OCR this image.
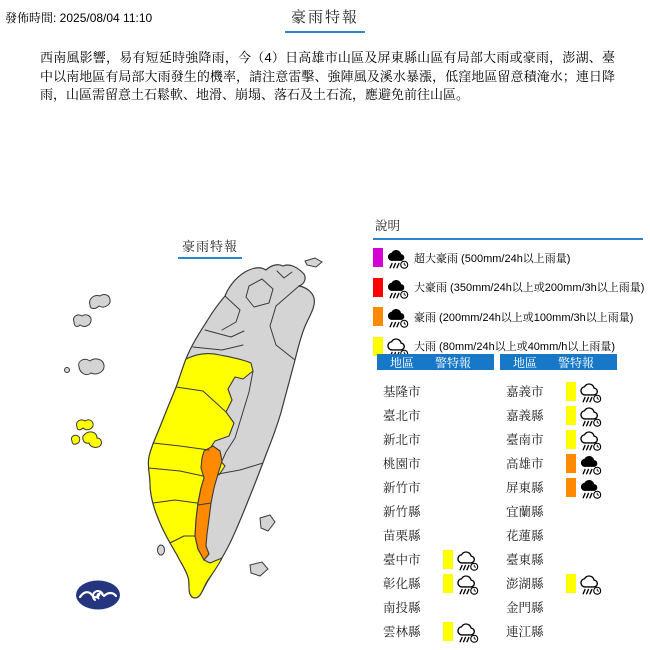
發佈時間: 2025/08/04 11:10	豪雨特報
西南風影響，易有短延時強降雨，今（4）日高雄市山區及屏東縣山區有局部大雨或豪雨，澎湖、臺中以南地區有局部大雨發生的機率，請注意雷擊、強陣風及溪水暴漲，低窪地區留意積淹水；連日降雨，山區需留意土石鬆軟、地滑、崩塌、落石及土石流，應避免前往山區。
豪雨特報
說明
超大豪雨 (500mm/24h以上雨量)
大豪雨 (350mm/24h以上或200mm/3h以上雨量)
豪雨 (200mm/24h以上或100mm/3h以上雨量)
大雨 (80mm/24h以上或40mm/h以上雨量)
地區 警特報
基隆市
臺北市
新北市
桃園市
新竹市
新竹縣
苗栗縣
臺中市
彰化縣
南投縣
雲林縣
地區 警特報
嘉義市
嘉義縣
臺南市
高雄市
屏東縣
宜蘭縣
花蓮縣
臺東縣
澎湖縣
金門縣
連江縣
